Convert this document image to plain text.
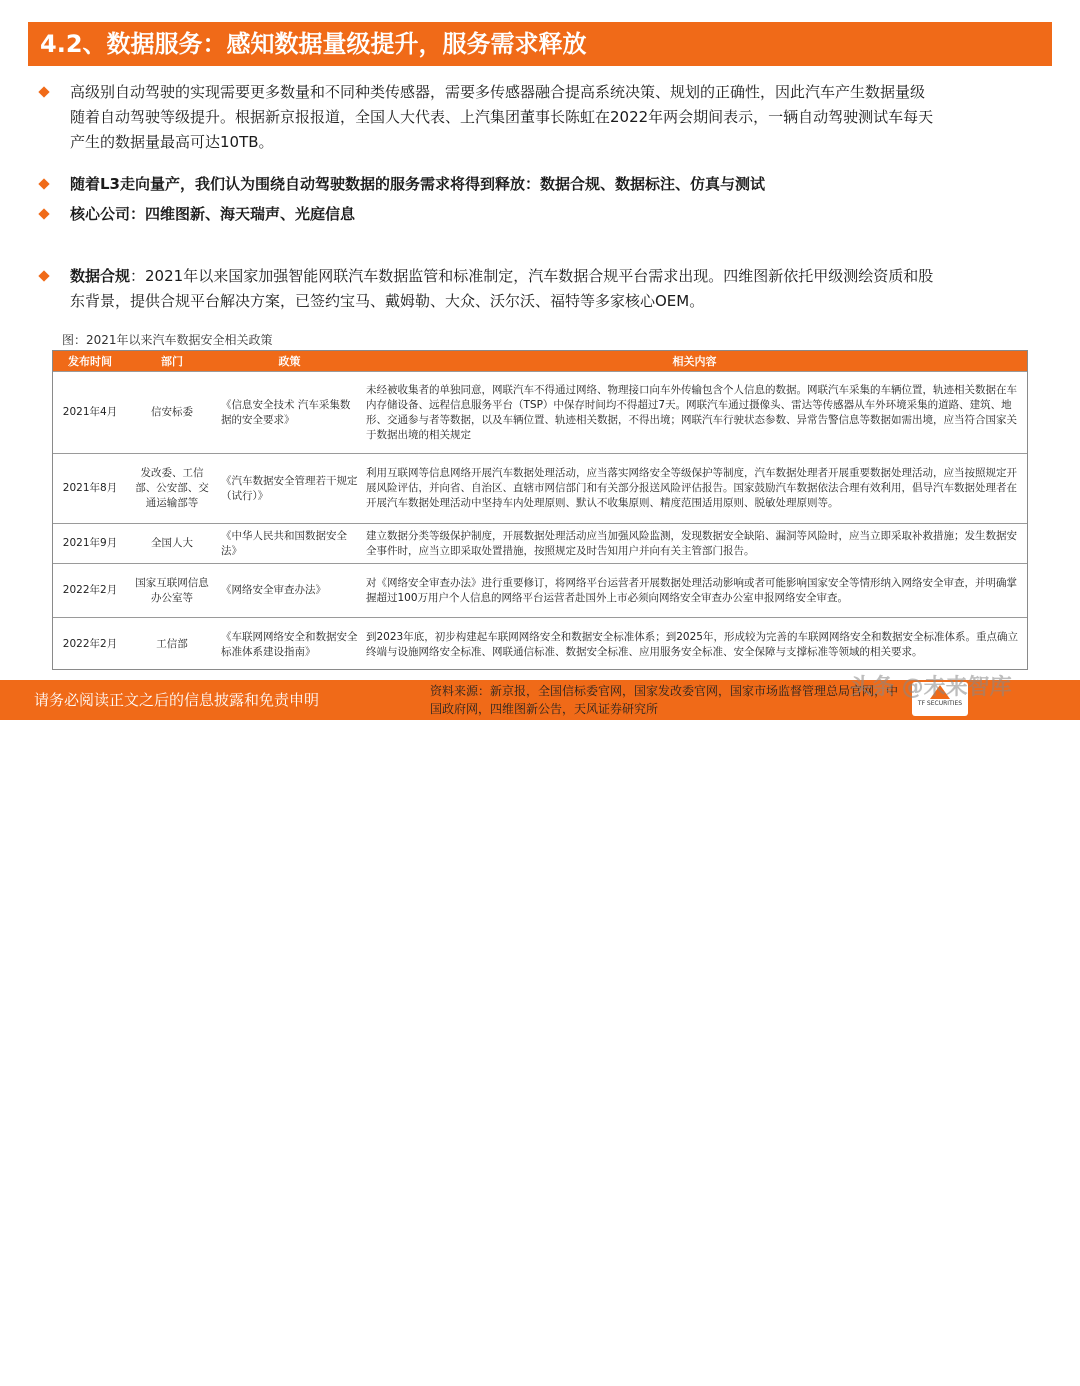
4.2、数据服务：感知数据量级提升，服务需求释放
高级别自动驾驶的实现需要更多数量和不同种类传感器，需要多传感器融合提高系统决策、规划的正确性，因此汽车产生数据量级
随着自动驾驶等级提升。根据新京报报道，全国人大代表、上汽集团董事长陈虹在2022年两会期间表示，一辆自动驾驶测试车每天
产生的数据量最高可达10TB。
随着L3走向量产，我们认为围绕自动驾驶数据的服务需求将得到释放：数据合规、数据标注、仿真与测试
核心公司：四维图新、海天瑞声、光庭信息
数据合规：2021年以来国家加强智能网联汽车数据监管和标准制定，汽车数据合规平台需求出现。四维图新依托甲级测绘资质和股
东背景，提供合规平台解决方案，已签约宝马、戴姆勒、大众、沃尔沃、福特等多家核心OEM。
图：2021年以来汽车数据安全相关政策
发布时间	部门	政策	相关内容
2021年4月	信安标委	《信息安全技术 汽车采集数据的安全要求》	未经被收集者的单独同意，网联汽车不得通过网络、物理接口向车外传输包含个人信息的数据。网联汽车采集的车辆位置，轨迹相关数据在车内存储设备、远程信息服务平台（TSP）中保存时间均不得超过7天。网联汽车通过摄像头、雷达等传感器从车外环境采集的道路、建筑、地形、交通参与者等数据，以及车辆位置、轨迹相关数据，不得出境；网联汽车行驶状态参数、异常告警信息等数据如需出境，应当符合国家关于数据出境的相关规定
2021年8月	发改委、工信部、公安部、交通运输部等	《汽车数据安全管理若干规定（试行）》	利用互联网等信息网络开展汽车数据处理活动，应当落实网络安全等级保护等制度，汽车数据处理者开展重要数据处理活动，应当按照规定开展风险评估，并向省、自治区、直辖市网信部门和有关部分报送风险评估报告。国家鼓励汽车数据依法合理有效利用，倡导汽车数据处理者在开展汽车数据处理活动中坚持车内处理原则、默认不收集原则、精度范围适用原则、脱敏处理原则等。
2021年9月	全国人大	《中华人民共和国数据安全法》	建立数据分类等级保护制度，开展数据处理活动应当加强风险监测，发现数据安全缺陷、漏洞等风险时，应当立即采取补救措施；发生数据安全事件时，应当立即采取处置措施，按照规定及时告知用户并向有关主管部门报告。
2022年2月	国家互联网信息办公室等	《网络安全审查办法》	对《网络安全审查办法》进行重要修订，将网络平台运营者开展数据处理活动影响或者可能影响国家安全等情形纳入网络安全审查，并明确掌握超过100万用户个人信息的网络平台运营者赴国外上市必须向网络安全审查办公室申报网络安全审查。
2022年2月	工信部	《车联网网络安全和数据安全标准体系建设指南》	到2023年底，初步构建起车联网网络安全和数据安全标准体系；到2025年，形成较为完善的车联网网络安全和数据安全标准体系。重点确立终端与设施网络安全标准、网联通信标准、数据安全标准、应用服务安全标准、安全保障与支撑标准等领域的相关要求。
请务必阅读正文之后的信息披露和免责申明
47
资料来源：新京报，全国信标委官网，国家发改委官网，国家市场监督管理总局官网，中国政府网，四维图新公告，天风证券研究所	TF SECURITIES
头条 @未来智库
